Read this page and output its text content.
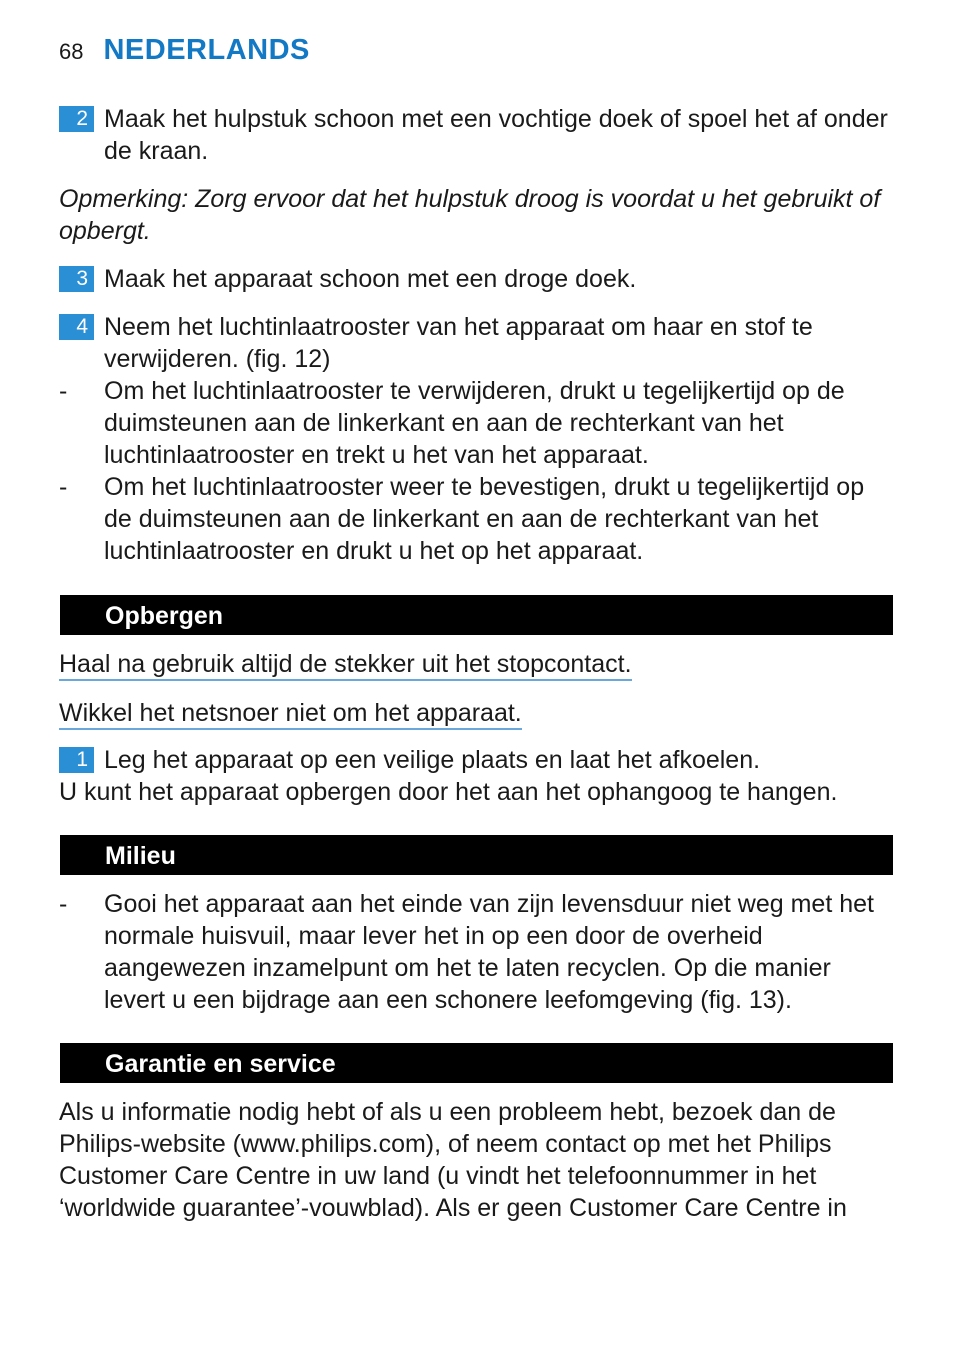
68 NEDERLANDS
2 Maak het hulpstuk schoon met een vochtige doek of spoel het af onder de kraan.
Opmerking: Zorg ervoor dat het hulpstuk droog is voordat u het gebruikt of opbergt.
3 Maak het apparaat schoon met een droge doek.
4 Neem het luchtinlaatrooster van het apparaat om haar en stof te verwijderen. (fig. 12)
-	Om het luchtinlaatrooster te verwijderen, drukt u tegelijkertijd op de duimsteunen aan de linkerkant en aan de rechterkant van het luchtinlaatrooster en trekt u het van het apparaat.
-	Om het luchtinlaatrooster weer te bevestigen, drukt u tegelijkertijd op de duimsteunen aan de linkerkant en aan de rechterkant van het luchtinlaatrooster en drukt u het op het apparaat.
Opbergen
Haal na gebruik altijd de stekker uit het stopcontact.
Wikkel het netsnoer niet om het apparaat.
1 Leg het apparaat op een veilige plaats en laat het afkoelen.
U kunt het apparaat opbergen door het aan het ophangoog te hangen.
Milieu
-	Gooi het apparaat aan het einde van zijn levensduur niet weg met het normale huisvuil, maar lever het in op een door de overheid aangewezen inzamelpunt om het te laten recyclen. Op die manier levert u een bijdrage aan een schonere leefomgeving (fig. 13).
Garantie en service
Als u informatie nodig hebt of als u een probleem hebt, bezoek dan de Philips-website (www.philips.com), of neem contact op met het Philips Customer Care Centre in uw land (u vindt het telefoonnummer in het ‘worldwide guarantee’-vouwblad). Als er geen Customer Care Centre in
